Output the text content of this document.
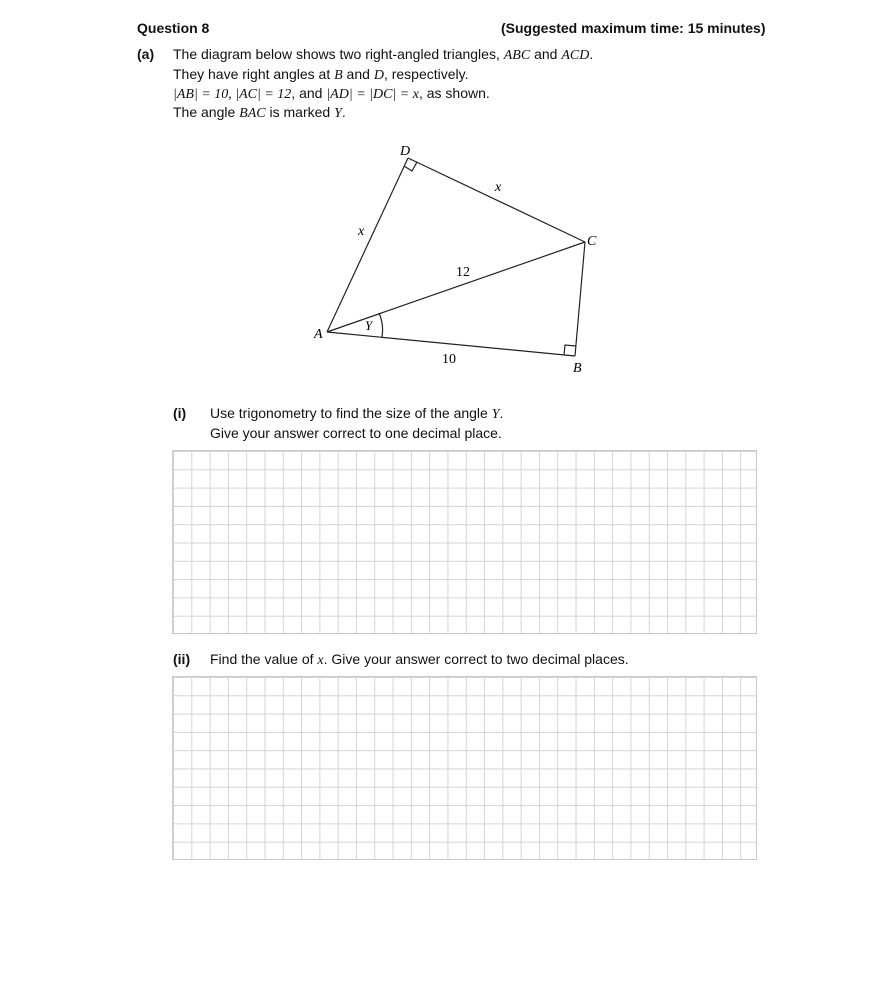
Question 8	(Suggested maximum time: 15 minutes)
(a) The diagram below shows two right-angled triangles, ABC and ACD.
They have right angles at B and D, respectively.
|AB| = 10, |AC| = 12, and |AD| = |DC| = x, as shown.
The angle BAC is marked Y.
A
B
C
D
x
x
12
10
Y
(i) Use trigonometry to find the size of the angle Y.
Give your answer correct to one decimal place.
(ii) Find the value of x. Give your answer correct to two decimal places.
